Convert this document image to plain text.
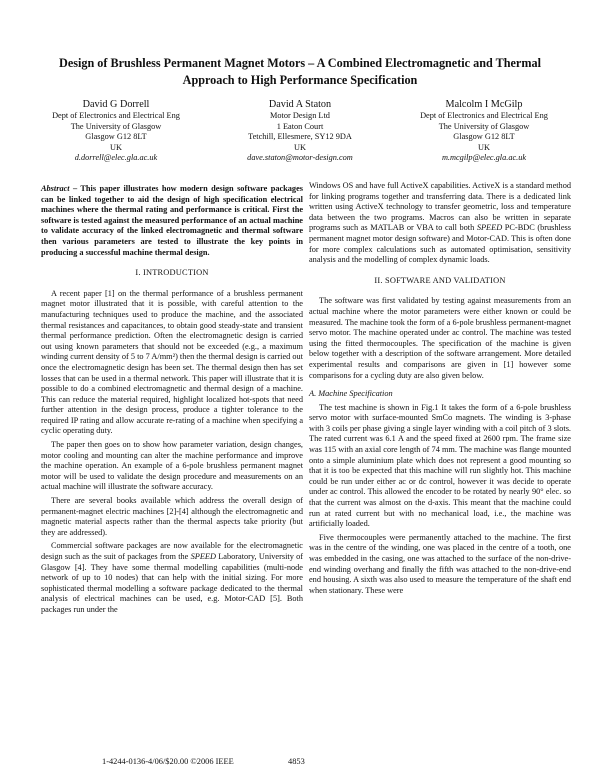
Design of Brushless Permanent Magnet Motors – A Combined Electromagnetic and Thermal Approach to High Performance Specification
David G Dorrell
Dept of Electronics and Electrical Eng
The University of Glasgow
Glasgow G12 8LT
UK
d.dorrell@elec.gla.ac.uk
David A Staton
Motor Design Ltd
1 Eaton Court
Tetchill, Ellesmere, SY12 9DA
UK
dave.staton@motor-design.com
Malcolm I McGilp
Dept of Electronics and Electrical Eng
The University of Glasgow
Glasgow G12 8LT
UK
m.mcgilp@elec.gla.ac.uk

Abstract – This paper illustrates how modern design software packages can be linked together to aid the design of high specification electrical machines where the thermal rating and performance is critical. First the software is tested against the measured performance of an actual machine to validate accuracy of the linked electromagnetic and thermal software then various parameters are tested to illustrate the key points in producing a successful machine thermal design.

I. INTRODUCTION

A recent paper [1] on the thermal performance of a brushless permanent magnet motor illustrated that it is possible, with careful attention to the manufacturing techniques used to produce the machine, and the associated thermal resistances and capacitances, to obtain good steady-state and transient thermal performance prediction. Often the electromagnetic design is carried out using known parameters that should not be exceeded (e.g., a maximum winding current density of 5 to 7 A/mm²) then the thermal design is carried out once the electromagnetic design has been set. The thermal design then has set losses that can be used in a thermal network. This paper will illustrate that it is possible to do a combined electromagnetic and thermal design of a machine. This can reduce the material required, highlight localized hot-spots that need further attention in the design process, produce a tighter tolerance to the required IP rating and allow accurate re-rating of a machine when specifying a cyclic operating duty.

The paper then goes on to show how parameter variation, design changes, motor cooling and mounting can alter the machine performance and improve the machine operation. An example of a 6-pole brushless permanent magnet motor will be used to validate the design procedure and measurements on an actual machine will illustrate the software accuracy.

There are several books available which address the overall design of permanent-magnet electric machines [2]-[4] although the electromagnetic and magnetic material aspects rather than the thermal aspects take priority (but they are addressed).

Commercial software packages are now available for the electromagnetic design such as the suit of packages from the SPEED Laboratory, University of Glasgow [4]. They have some thermal modelling capabilities (multi-node network of up to 10 nodes) that can help with the initial sizing. For more sophisticated thermal modelling a software package dedicated to the thermal analysis of electrical machines can be used, e.g. Motor-CAD [5]. Both packages run under the

Windows OS and have full ActiveX capabilities. ActiveX is a standard method for linking programs together and transferring data. There is a dedicated link written using ActiveX technology to transfer geometric, loss and temperature data between the two programs. Macros can also be written in separate programs such as MATLAB or VBA to call both SPEED PC-BDC (brushless permanent magnet motor design software) and Motor-CAD. This is often done for more complex calculations such as automated optimisation, sensitivity analysis and the modelling of complex dynamic loads.

II. SOFTWARE AND VALIDATION

The software was first validated by testing against measurements from an actual machine where the motor parameters were either known or could be measured. The machine took the form of a 6-pole brushless permanent-magnet servo motor. The machine operated under ac control. The machine was tested using the fitted thermocouples. The specification of the machine is given below together with a description of the software arrangement. More detailed experimental results and comparisons are given in [1] however some comparisons for a cycling duty are also given below.

A. Machine Specification

The test machine is shown in Fig.1 It takes the form of a 6-pole brushless servo motor with surface-mounted SmCo magnets. The winding is 3-phase with 3 coils per phase giving a single layer winding with a coil pitch of 3 slots. The rated current was 6.1 A and the speed fixed at 2600 rpm. The frame size was 115 with an axial core length of 74 mm. The machine was flange mounted onto a simple aluminium plate which does not represent a good mounting so that it is too be expected that this machine will run slightly hot. This machine could be run under either ac or dc control, however it was decide to operate under ac control. This allowed the encoder to be rotated by nearly 90° elec. so that the current was almost on the d-axis. This meant that the machine could run at rated current but with no mechanical load, i.e., the machine was artificially loaded.

Five thermocouples were permanently attached to the machine. The first was in the centre of the winding, one was placed in the centre of a tooth, one was embedded in the casing, one was attached to the surface of the non-drive-end winding overhang and finally the fifth was attached to the non-drive-end end housing. A sixth was also used to measure the temperature of the shaft end when stationary. These were

1-4244-0136-4/06/$20.00 ©2006 IEEE	4853
